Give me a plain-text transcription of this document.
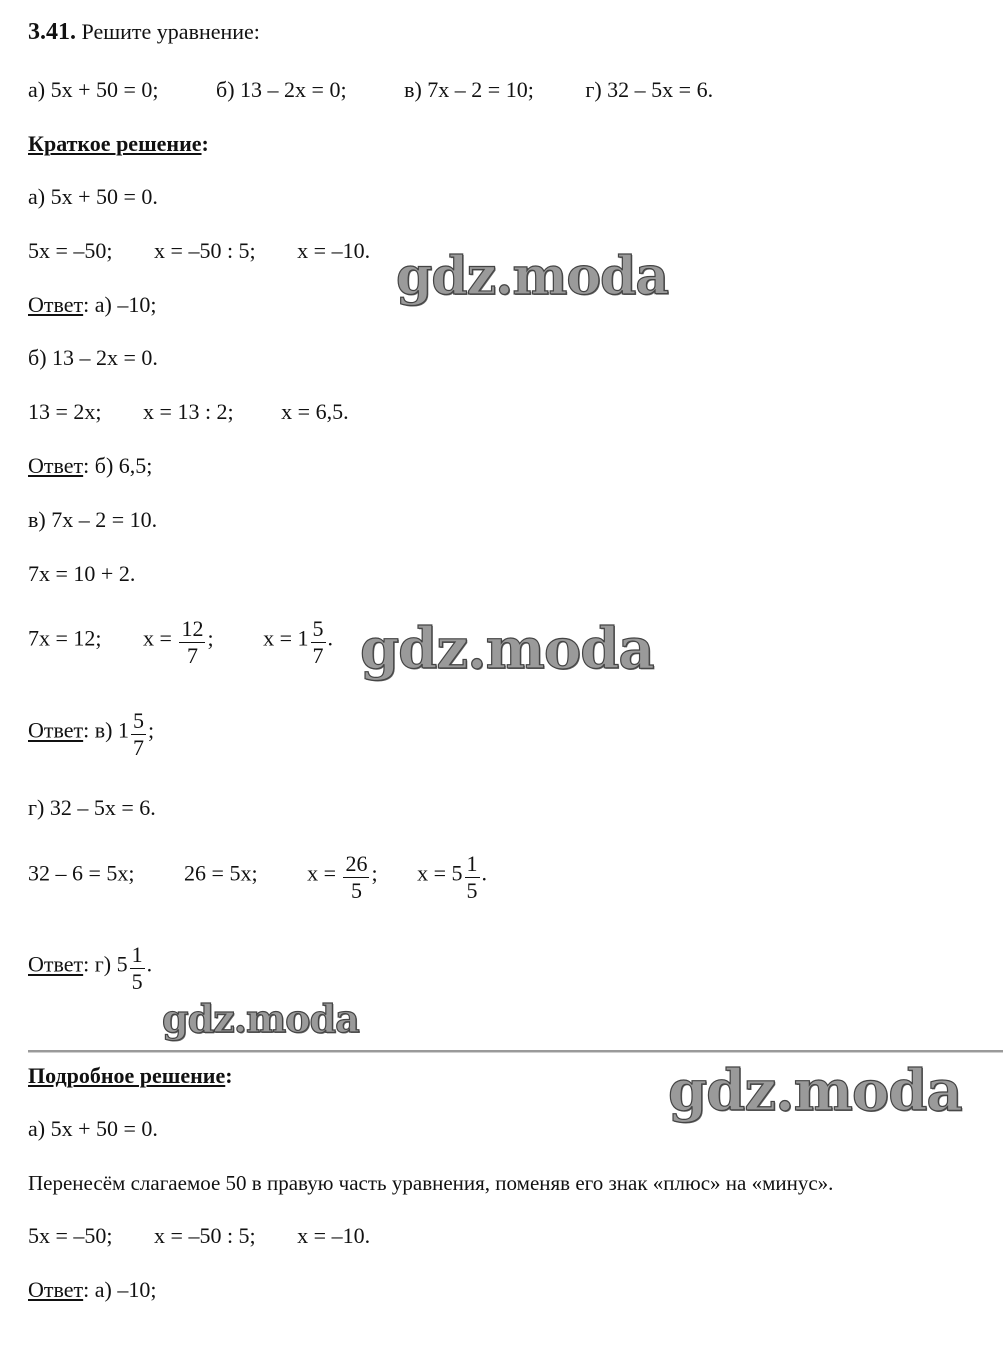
3.41. Решите уравнение:
а) 5x + 50 = 0;	б) 13 – 2x = 0;	в) 7x – 2 = 10; г) 32 – 5x = 6.
Краткое решение:
а) 5x + 50 = 0.
5x = –50; x = –50 : 5; x = –10.
Ответ: а) –10;
б) 13 – 2x = 0.
13 = 2x; x = 13 : 2; x = 6,5.
Ответ: б) 6,5;
в) 7x – 2 = 10.
7x = 10 + 2.
7x = 12; $x = \frac{12}{7}$ ; $x = 1 \frac{5}{7}$ .
Ответ: в) $1 \frac{5}{7}$ ;
г) 32 – 5x = 6.
32 – 6 = 5x; 26 = 5x; $x = \frac{26}{5}$ ; $x = 5 \frac{1}{5}$ .
Ответ: г) $5 \frac{1}{5}$ .
Подробное решение:
а) 5x + 50 = 0.
Перенесём слагаемое 50 в правую часть уравнения, поменяв его знак «плюс» на «минус».
5x = –50; x = –50 : 5; x = –10.
Ответ: а) –10;
gdz.moda
gdz.moda
gdz.moda
gdz.moda
